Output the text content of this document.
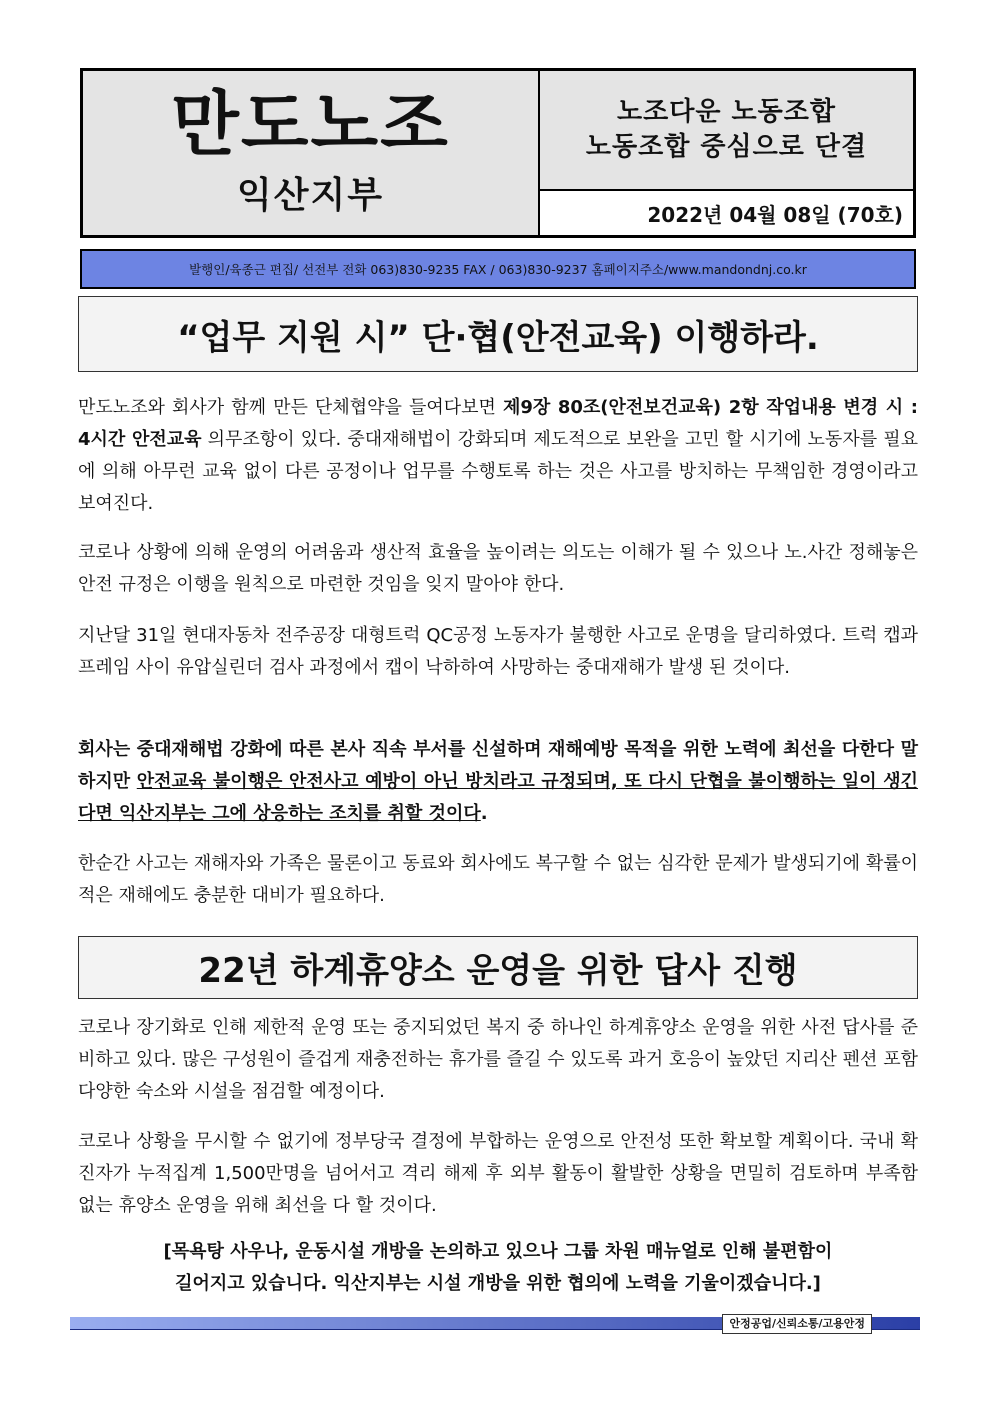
만도노조
익산지부
노조다운 노동조합
노동조합 중심으로 단결
2022년 04월 08일 (70호)
발행인/육종근 편집/ 선전부 전화 063)830-9235 FAX / 063)830-9237 홈페이지주소/www.mandondnj.co.kr
“업무 지원 시” 단·협(안전교육) 이행하라.

만도노조와 회사가 함께 만든 단체협약을 들여다보면 제9장 80조(안전보건교육) 2항 작업내용 변경 시 : 4시간 안전교육 의무조항이 있다. 중대재해법이 강화되며 제도적으로 보완을 고민 할 시기에 노동자를 필요에 의해 아무런 교육 없이 다른 공정이나 업무를 수행토록 하는 것은 사고를 방치하는 무책임한 경영이라고 보여진다.

코로나 상황에 의해 운영의 어려움과 생산적 효율을 높이려는 의도는 이해가 될 수 있으나 노.사간 정해놓은 안전 규정은 이행을 원칙으로 마련한 것임을 잊지 말아야 한다.

지난달 31일 현대자동차 전주공장 대형트럭 QC공정 노동자가 불행한 사고로 운명을 달리하였다. 트럭 캡과 프레임 사이 유압실린더 검사 과정에서 캡이 낙하하여 사망하는 중대재해가 발생 된 것이다.

회사는 중대재해법 강화에 따른 본사 직속 부서를 신설하며 재해예방 목적을 위한 노력에 최선을 다한다 말하지만 안전교육 불이행은 안전사고 예방이 아닌 방치라고 규정되며, 또 다시 단협을 불이행하는 일이 생긴다면 익산지부는 그에 상응하는 조치를 취할 것이다.

한순간 사고는 재해자와 가족은 물론이고 동료와 회사에도 복구할 수 없는 심각한 문제가 발생되기에 확률이 적은 재해에도 충분한 대비가 필요하다.

22년 하계휴양소 운영을 위한 답사 진행

코로나 장기화로 인해 제한적 운영 또는 중지되었던 복지 중 하나인 하계휴양소 운영을 위한 사전 답사를 준비하고 있다. 많은 구성원이 즐겁게 재충전하는 휴가를 즐길 수 있도록 과거 호응이 높았던 지리산 펜션 포함 다양한 숙소와 시설을 점검할 예정이다.

코로나 상황을 무시할 수 없기에 정부당국 결정에 부합하는 운영으로 안전성 또한 확보할 계획이다. 국내 확진자가 누적집계 1,500만명을 넘어서고 격리 해제 후 외부 활동이 활발한 상황을 면밀히 검토하며 부족함 없는 휴양소 운영을 위해 최선을 다 할 것이다.

[목욕탕 사우나, 운동시설 개방을 논의하고 있으나 그룹 차원 매뉴얼로 인해 불편함이
길어지고 있습니다. 익산지부는 시설 개방을 위한 협의에 노력을 기울이겠습니다.]
안정공업/신뢰소통/고용안정
